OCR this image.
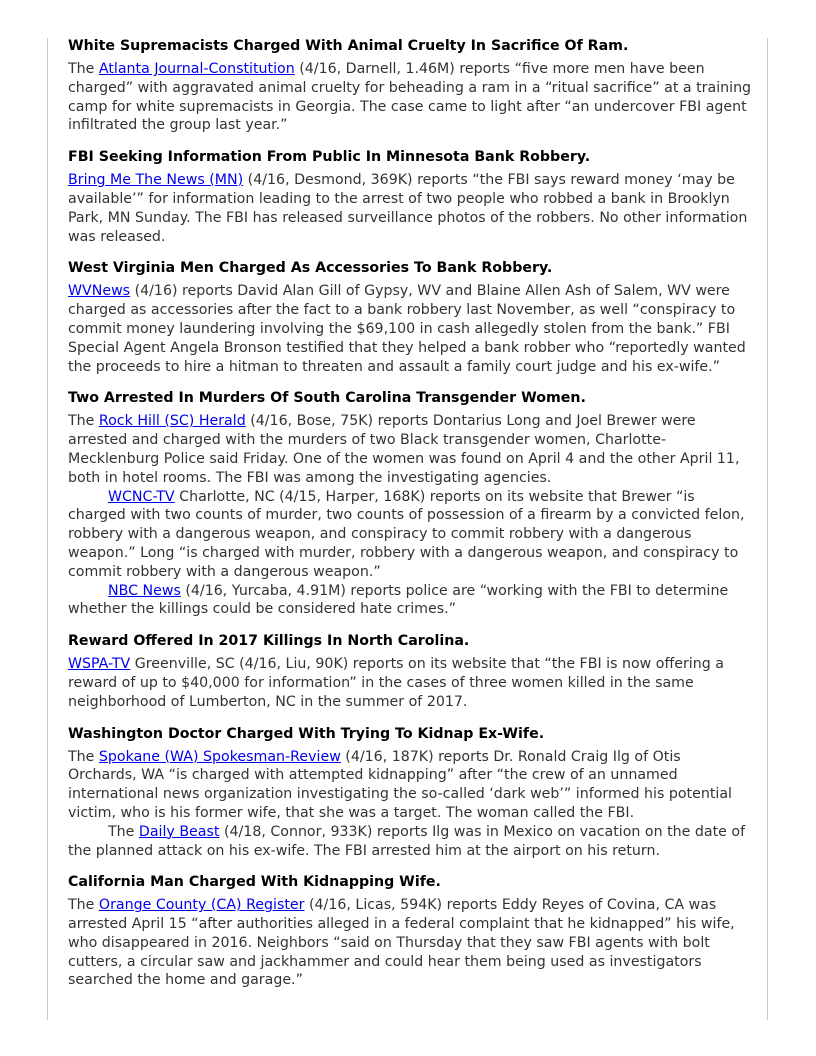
White Supremacists Charged With Animal Cruelty In Sacrifice Of Ram.

The Atlanta Journal-Constitution (4/16, Darnell, 1.46M) reports “five more men have been charged” with aggravated animal cruelty for beheading a ram in a “ritual sacrifice” at a training camp for white supremacists in Georgia. The case came to light after “an undercover FBI agent infiltrated the group last year.”

FBI Seeking Information From Public In Minnesota Bank Robbery.

Bring Me The News (MN) (4/16, Desmond, 369K) reports “the FBI says reward money ‘may be available’” for information leading to the arrest of two people who robbed a bank in Brooklyn Park, MN Sunday. The FBI has released surveillance photos of the robbers. No other information was released.

West Virginia Men Charged As Accessories To Bank Robbery.

WVNews (4/16) reports David Alan Gill of Gypsy, WV and Blaine Allen Ash of Salem, WV were charged as accessories after the fact to a bank robbery last November, as well “conspiracy to commit money laundering involving the $69,100 in cash allegedly stolen from the bank.” FBI Special Agent Angela Bronson testified that they helped a bank robber who “reportedly wanted the proceeds to hire a hitman to threaten and assault a family court judge and his ex-wife.”

Two Arrested In Murders Of South Carolina Transgender Women.

The Rock Hill (SC) Herald (4/16, Bose, 75K) reports Dontarius Long and Joel Brewer were arrested and charged with the murders of two Black transgender women, Charlotte-Mecklenburg Police said Friday. One of the women was found on April 4 and the other April 11, both in hotel rooms. The FBI was among the investigating agencies.

WCNC-TV Charlotte, NC (4/15, Harper, 168K) reports on its website that Brewer “is charged with two counts of murder, two counts of possession of a firearm by a convicted felon, robbery with a dangerous weapon, and conspiracy to commit robbery with a dangerous weapon.” Long “is charged with murder, robbery with a dangerous weapon, and conspiracy to commit robbery with a dangerous weapon.”

NBC News (4/16, Yurcaba, 4.91M) reports police are “working with the FBI to determine whether the killings could be considered hate crimes.”

Reward Offered In 2017 Killings In North Carolina.

WSPA-TV Greenville, SC (4/16, Liu, 90K) reports on its website that “the FBI is now offering a reward of up to $40,000 for information” in the cases of three women killed in the same neighborhood of Lumberton, NC in the summer of 2017.

Washington Doctor Charged With Trying To Kidnap Ex-Wife.

The Spokane (WA) Spokesman-Review (4/16, 187K) reports Dr. Ronald Craig Ilg of Otis Orchards, WA “is charged with attempted kidnapping” after “the crew of an unnamed international news organization investigating the so-called ‘dark web’” informed his potential victim, who is his former wife, that she was a target. The woman called the FBI.

The Daily Beast (4/18, Connor, 933K) reports Ilg was in Mexico on vacation on the date of the planned attack on his ex-wife. The FBI arrested him at the airport on his return.

California Man Charged With Kidnapping Wife.

The Orange County (CA) Register (4/16, Licas, 594K) reports Eddy Reyes of Covina, CA was arrested April 15 “after authorities alleged in a federal complaint that he kidnapped” his wife, who disappeared in 2016. Neighbors “said on Thursday that they saw FBI agents with bolt cutters, a circular saw and jackhammer and could hear them being used as investigators searched the home and garage.”
